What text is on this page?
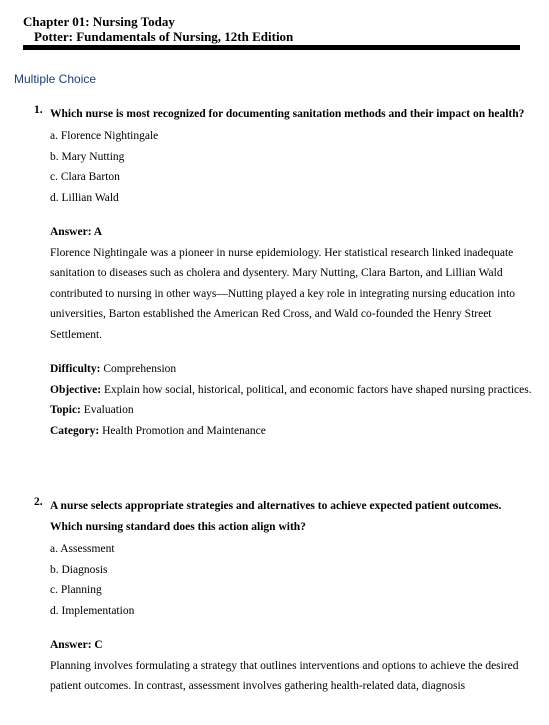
Chapter 01: Nursing Today
Potter: Fundamentals of Nursing, 12th Edition
Multiple Choice
1. Which nurse is most recognized for documenting sanitation methods and their impact on health?
a. Florence Nightingale
b. Mary Nutting
c. Clara Barton
d. Lillian Wald
Answer: A
Florence Nightingale was a pioneer in nurse epidemiology. Her statistical research linked inadequate sanitation to diseases such as cholera and dysentery. Mary Nutting, Clara Barton, and Lillian Wald contributed to nursing in other ways—Nutting played a key role in integrating nursing education into universities, Barton established the American Red Cross, and Wald co-founded the Henry Street Settlement.
Difficulty: Comprehension
Objective: Explain how social, historical, political, and economic factors have shaped nursing practices.
Topic: Evaluation
Category: Health Promotion and Maintenance
2. A nurse selects appropriate strategies and alternatives to achieve expected patient outcomes. Which nursing standard does this action align with?
a. Assessment
b. Diagnosis
c. Planning
d. Implementation
Answer: C
Planning involves formulating a strategy that outlines interventions and options to achieve the desired patient outcomes. In contrast, assessment involves gathering health-related data, diagnosis
